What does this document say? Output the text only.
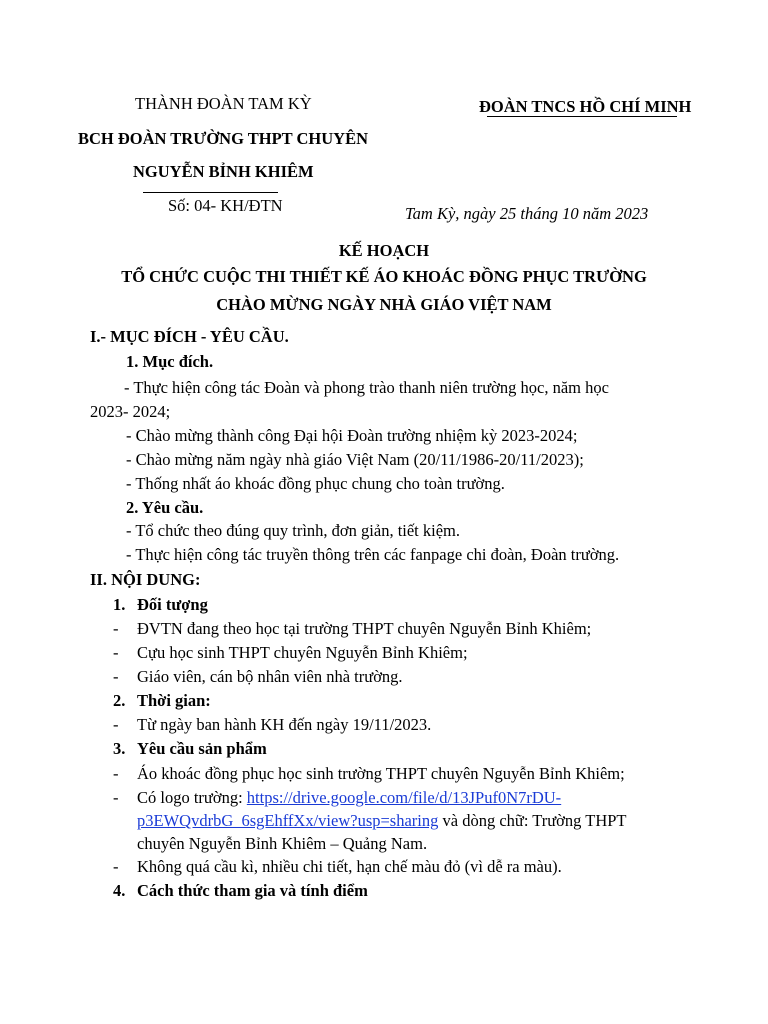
THÀNH ĐOÀN TAM KỲ
BCH ĐOÀN TRƯỜNG THPT CHUYÊN
NGUYỄN BỈNH KHIÊM
Số: 04- KH/ĐTN
ĐOÀN TNCS HỒ CHÍ MINH
Tam Kỳ, ngày 25 tháng 10 năm 2023
KẾ HOẠCH
TỔ CHỨC CUỘC THI THIẾT KẾ ÁO KHOÁC ĐỒNG PHỤC TRƯỜNG
CHÀO MỪNG NGÀY NHÀ GIÁO VIỆT NAM
I.- MỤC ĐÍCH - YÊU CẦU.
1. Mục đích.
- Thực hiện công tác Đoàn và phong trào thanh niên trường học, năm học
2023- 2024;
- Chào mừng thành công Đại hội Đoàn trường nhiệm kỳ 2023-2024;
- Chào mừng năm ngày nhà giáo Việt Nam (20/11/1986-20/11/2023);
- Thống nhất áo khoác đồng phục chung cho toàn trường.
2. Yêu cầu.
- Tổ chức theo đúng quy trình, đơn giản, tiết kiệm.
- Thực hiện công tác truyền thông trên các fanpage chi đoàn, Đoàn trường.
II. NỘI DUNG:
1. Đối tượng
- ĐVTN đang theo học tại trường THPT chuyên Nguyễn Bỉnh Khiêm;
- Cựu học sinh THPT chuyên Nguyễn Bỉnh Khiêm;
- Giáo viên, cán bộ nhân viên nhà trường.
2. Thời gian:
- Từ ngày ban hành KH đến ngày 19/11/2023.
3. Yêu cầu sản phẩm
- Áo khoác đồng phục học sinh trường THPT chuyên Nguyễn Bỉnh Khiêm;
- Có logo trường: https://drive.google.com/file/d/13JPuf0N7rDU-
p3EWQvdrbG_6sgEhffXx/view?usp=sharing và dòng chữ: Trường THPT
chuyên Nguyễn Bỉnh Khiêm – Quảng Nam.
- Không quá cầu kì, nhiều chi tiết, hạn chế màu đỏ (vì dễ ra màu).
4. Cách thức tham gia và tính điểm
